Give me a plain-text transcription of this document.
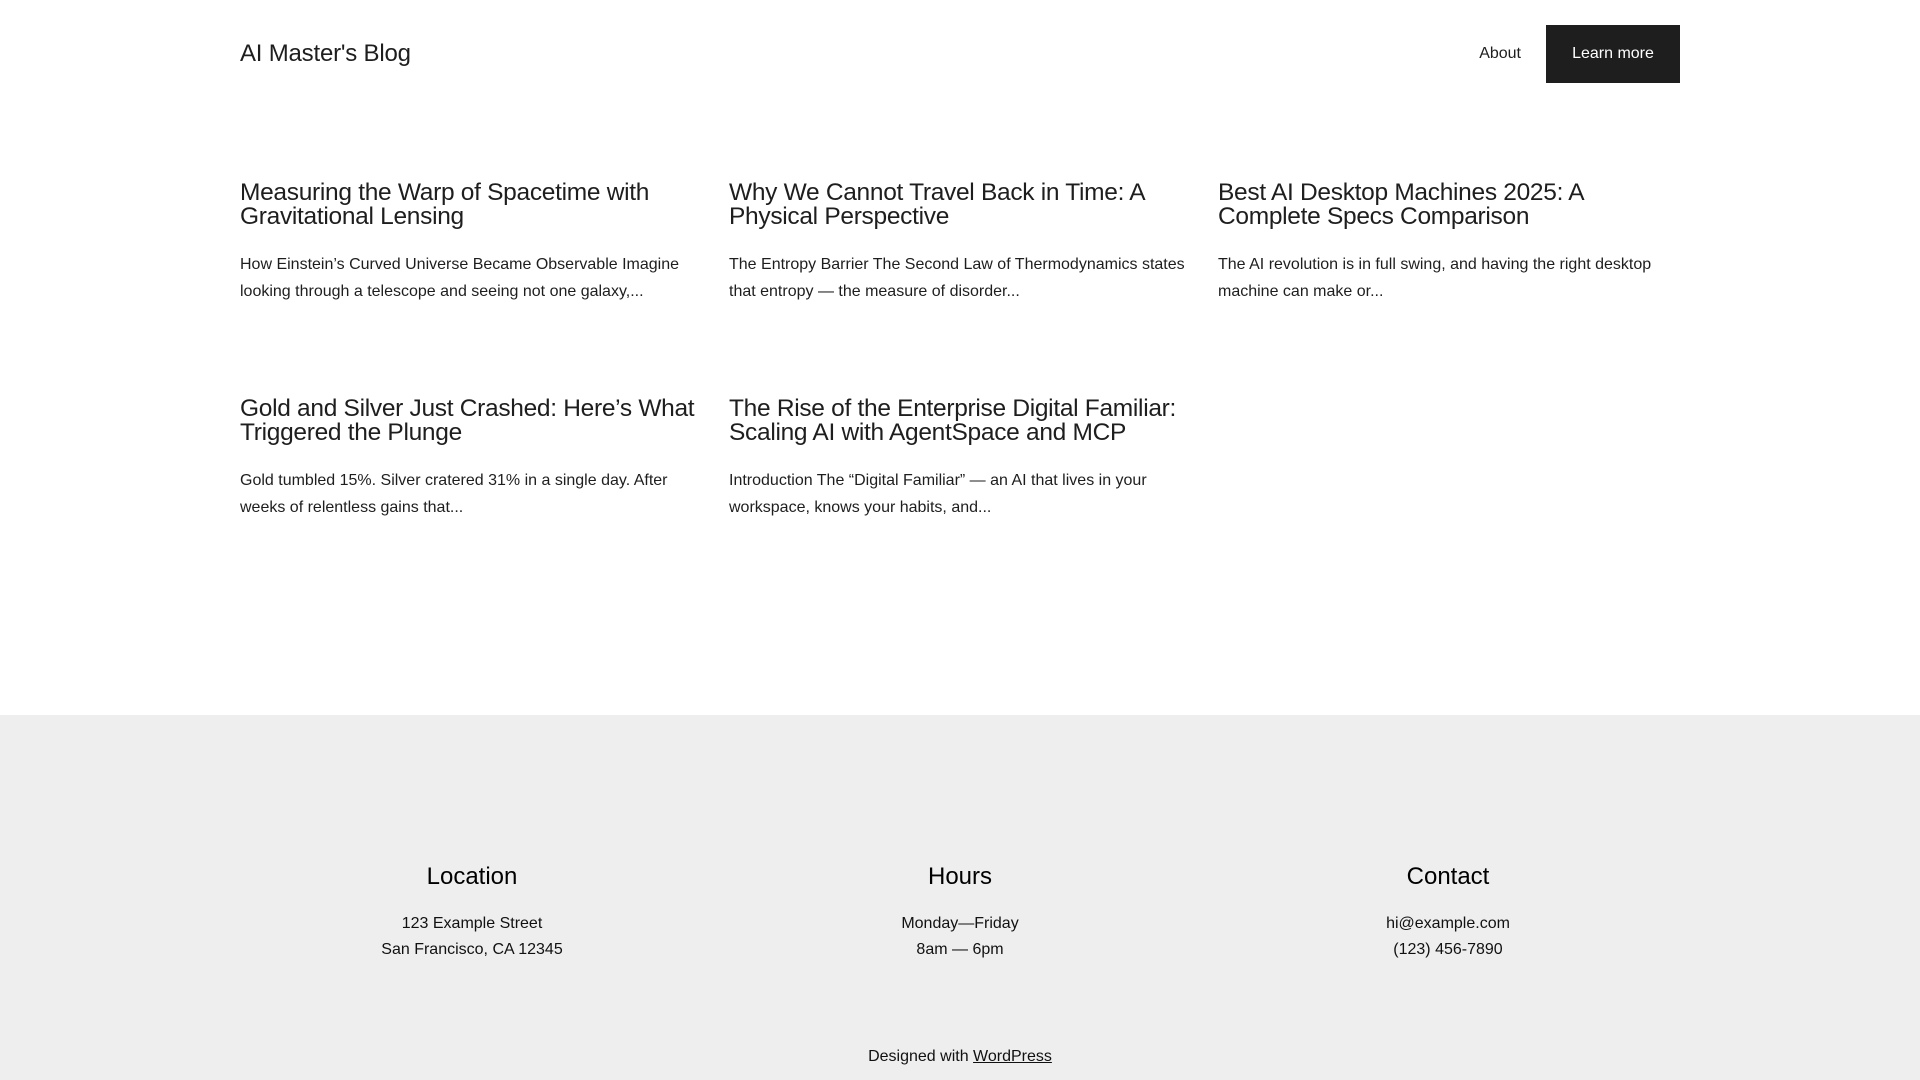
AI Master's Blog	About	Learn more
Measuring the Warp of Spacetime with Gravitational Lensing

How Einstein’s Curved Universe Became Observable Imagine looking through a telescope and seeing not one galaxy,...

Why We Cannot Travel Back in Time: A Physical Perspective

The Entropy Barrier The Second Law of Thermodynamics states that entropy — the measure of disorder...

Best AI Desktop Machines 2025: A Complete Specs Comparison

The AI revolution is in full swing, and having the right desktop machine can make or...

Gold and Silver Just Crashed: Here’s What Triggered the Plunge

Gold tumbled 15%. Silver cratered 31% in a single day. After weeks of relentless gains that...

The Rise of the Enterprise Digital Familiar: Scaling AI with AgentSpace and MCP

Introduction The “Digital Familiar” — an AI that lives in your workspace, knows your habits, and...

Location

123 Example Street
San Francisco, CA 12345

Hours

Monday—Friday
8am — 6pm

Contact

hi@example.com
(123) 456-7890

Designed with WordPress
